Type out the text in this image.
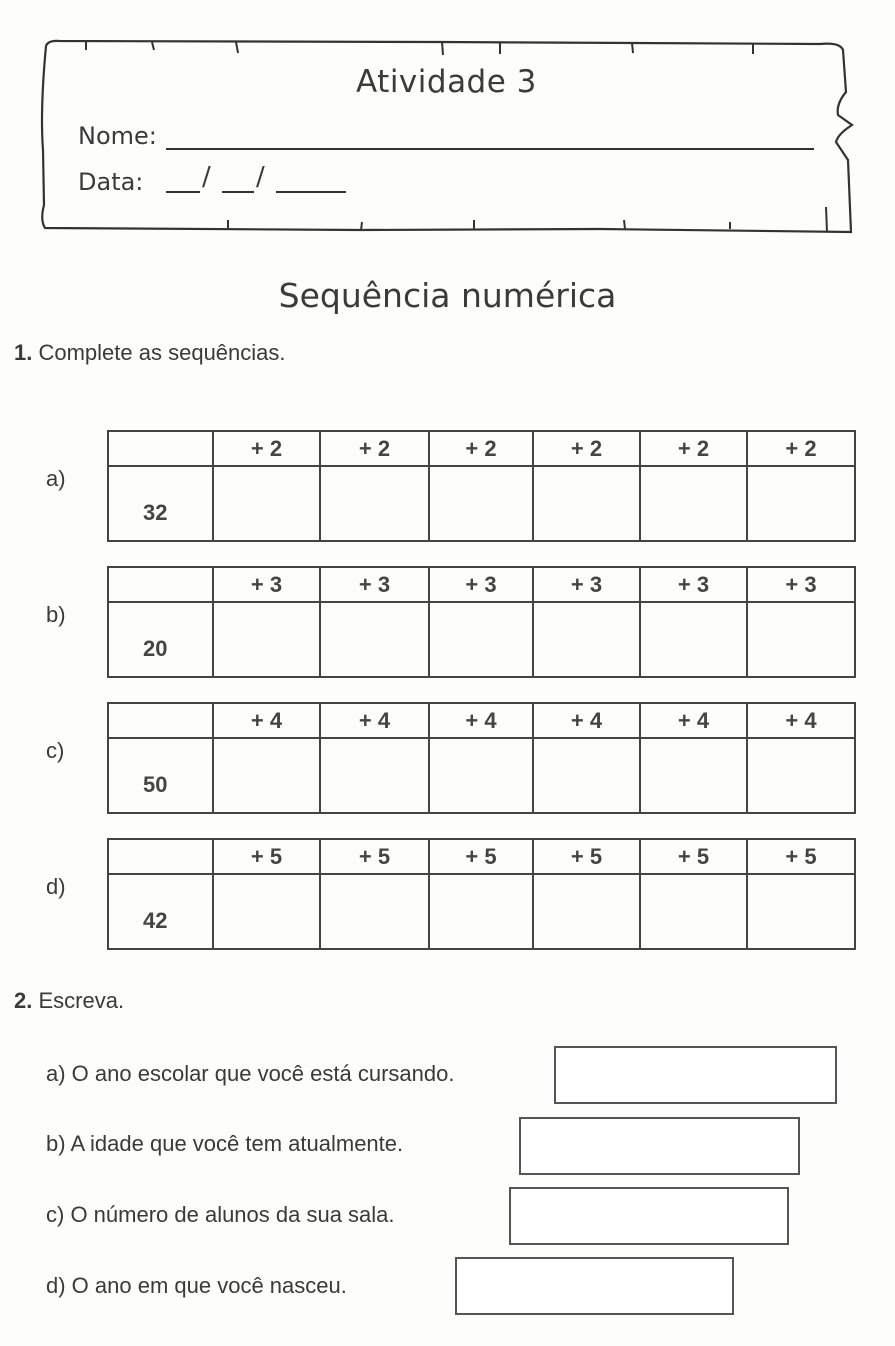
Atividade 3
Nome:
Data: / /
Sequência numérica
1. Complete as sequências.
a)
	+ 2	+ 2	+ 2	+ 2	+ 2	+ 2
32						
b)
	+ 3	+ 3	+ 3	+ 3	+ 3	+ 3
20						
c)
	+ 4	+ 4	+ 4	+ 4	+ 4	+ 4
50						
d)
	+ 5	+ 5	+ 5	+ 5	+ 5	+ 5
42						
2. Escreva.
a) O ano escolar que você está cursando.
b) A idade que você tem atualmente.
c) O número de alunos da sua sala.
d) O ano em que você nasceu.
